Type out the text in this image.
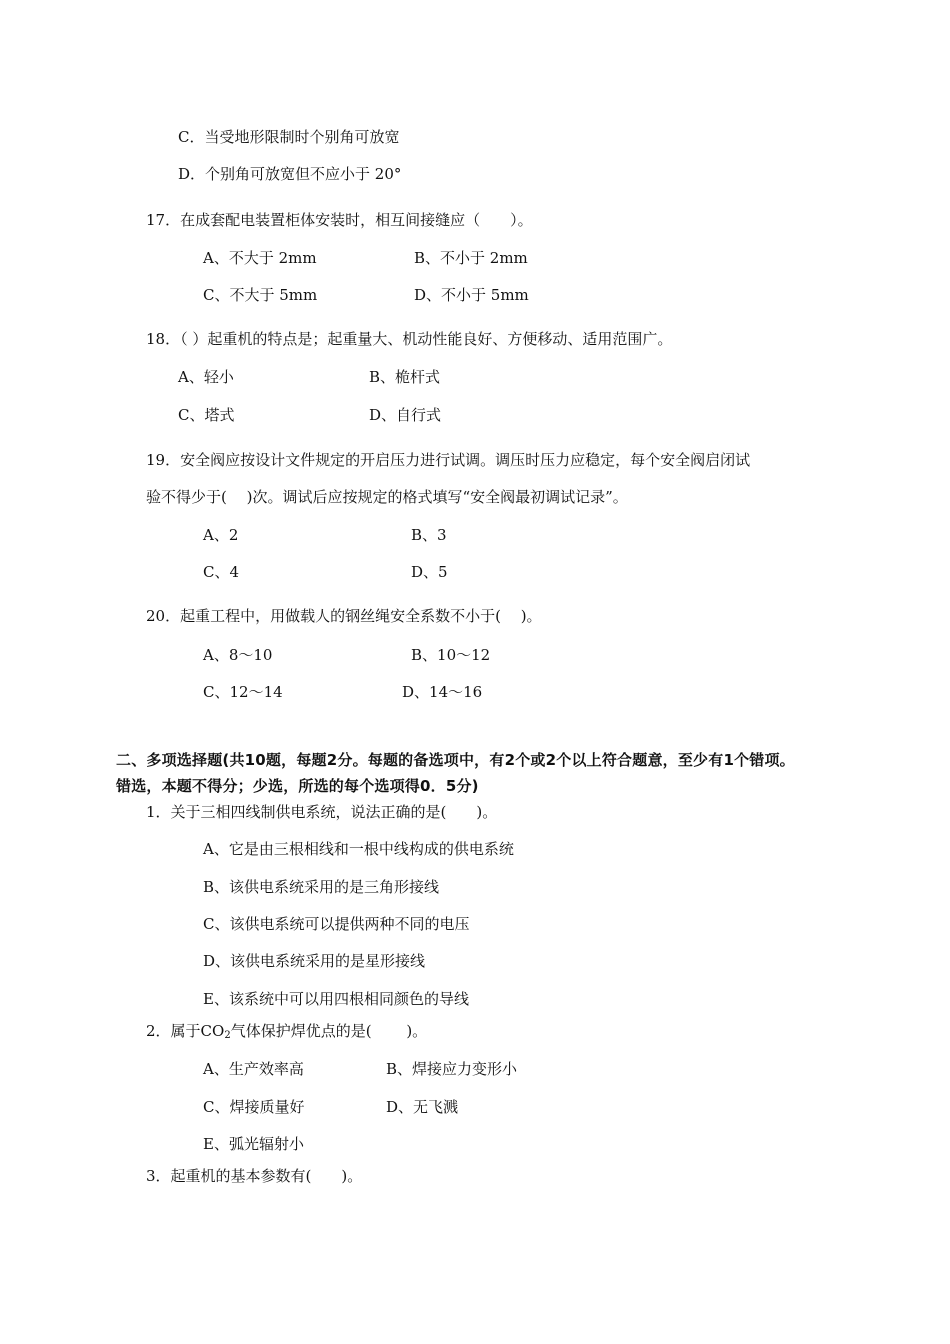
C．当受地形限制时个别角可放宽
D．个别角可放宽但不应小于 20°
17．在成套配电装置柜体安装时，相互间接缝应（　　）。
A、不大于 2mm	B、不小于 2mm
C、不大于 5mm	D、不小于 5mm
18．（ ）起重机的特点是；起重量大、机动性能良好、方便移动、适用范围广。
A、轻小	B、桅杆式
C、塔式	D、自行式
19．安全阀应按设计文件规定的开启压力进行试调。调压时压力应稳定，每个安全阀启闭试
验不得少于(　 )次。调试后应按规定的格式填写“安全阀最初调试记录”。
A、2	B、3
C、4	D、5
20．起重工程中，用做载人的钢丝绳安全系数不小于(　 )。
A、8～10	B、10～12
C、12～14	D、14～16
二、多项选择题(共10题，每题2分。每题的备选项中，有2个或2个以上符合题意，至少有1个错项。
错选，本题不得分；少选，所选的每个选项得0．5分)
1．关于三相四线制供电系统，说法正确的是(　　)。
A、它是由三根相线和一根中线构成的供电系统
B、该供电系统采用的是三角形接线
C、该供电系统可以提供两种不同的电压
D、该供电系统采用的是星形接线
E、该系统中可以用四根相同颜色的导线
2．属于$CO_2$气体保护焊优点的是(　　 )。
A、生产效率高	B、焊接应力变形小
C、焊接质量好	D、无飞溅
E、弧光辐射小
3．起重机的基本参数有(　　)。
